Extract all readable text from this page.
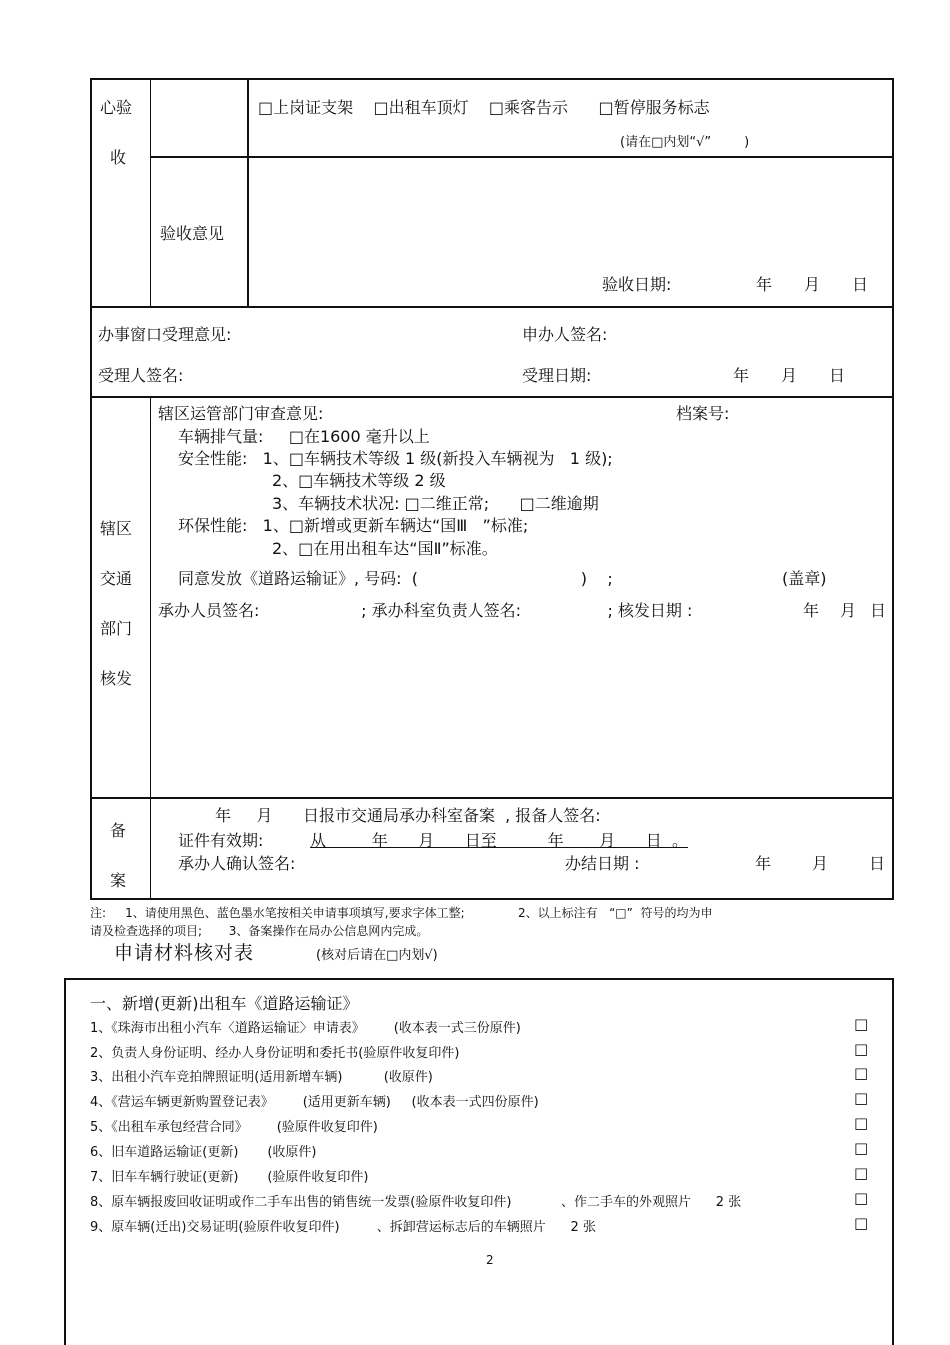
心验
收
□上岗证支架    □出租车顶灯    □乘客告示      □暂停服务标志
(请在□内划“√”        )
验收意见
验收日期:	年 月 日
办事窗口受理意见:	申办人签名:
受理人签名:	受理日期:	年 月 日
辖区
交通
部门
核发
辖区运管部门审查意见:	档案号:
车辆排气量:     □在1600 毫升以上
安全性能:   1、□车辆技术等级 1 级(新投入车辆视为   1 级);
2、□车辆技术等级 2 级
3、车辆技术状况: □二维正常;      □二维逾期
环保性能:   1、□新增或更新车辆达“国Ⅲ   ”标准;
2、□在用出租车达“国Ⅱ”标准。
同意发放《道路运输证》, 号码:  (                                )    ;	(盖章)
承办人员签名:                    ; 承办科室负责人签名:                 ; 核发日期 :	年 月 日
备
案
年     月      日报市交通局承办科室备案  , 报备人签名:
证件有效期:	从         年      月      日至          年       月      日  。
承办人确认签名:	办结日期 :	年	月	日
注:     1、请使用黑色、蓝色墨水笔按相关申请事项填写,要求字体工整;              2、以上标注有   “□”  符号的均为申
请及检查选择的项目;       3、备案操作在局办公信息网内完成。
申请材料核对表	(核对后请在□内划√)
一、新增(更新)出租车《道路运输证》
1、《珠海市出租小汽车〈道路运输证〉申请表》       (收本表一式三份原件)	□
2、负责人身份证明、经办人身份证明和委托书(验原件收复印件)	□
3、出租小汽车竞拍牌照证明(适用新增车辆)          (收原件)	□
4、《营运车辆更新购置登记表》       (适用更新车辆)     (收本表一式四份原件)	□
5、《出租车承包经营合同》       (验原件收复印件)	□
6、旧车道路运输证(更新)       (收原件)	□
7、旧车车辆行驶证(更新)       (验原件收复印件)	□
8、原车辆报废回收证明或作二手车出售的销售统一发票(验原件收复印件)            、作二手车的外观照片      2 张	□
9、原车辆(迁出)交易证明(验原件收复印件)         、拆卸营运标志后的车辆照片      2 张	□
2
